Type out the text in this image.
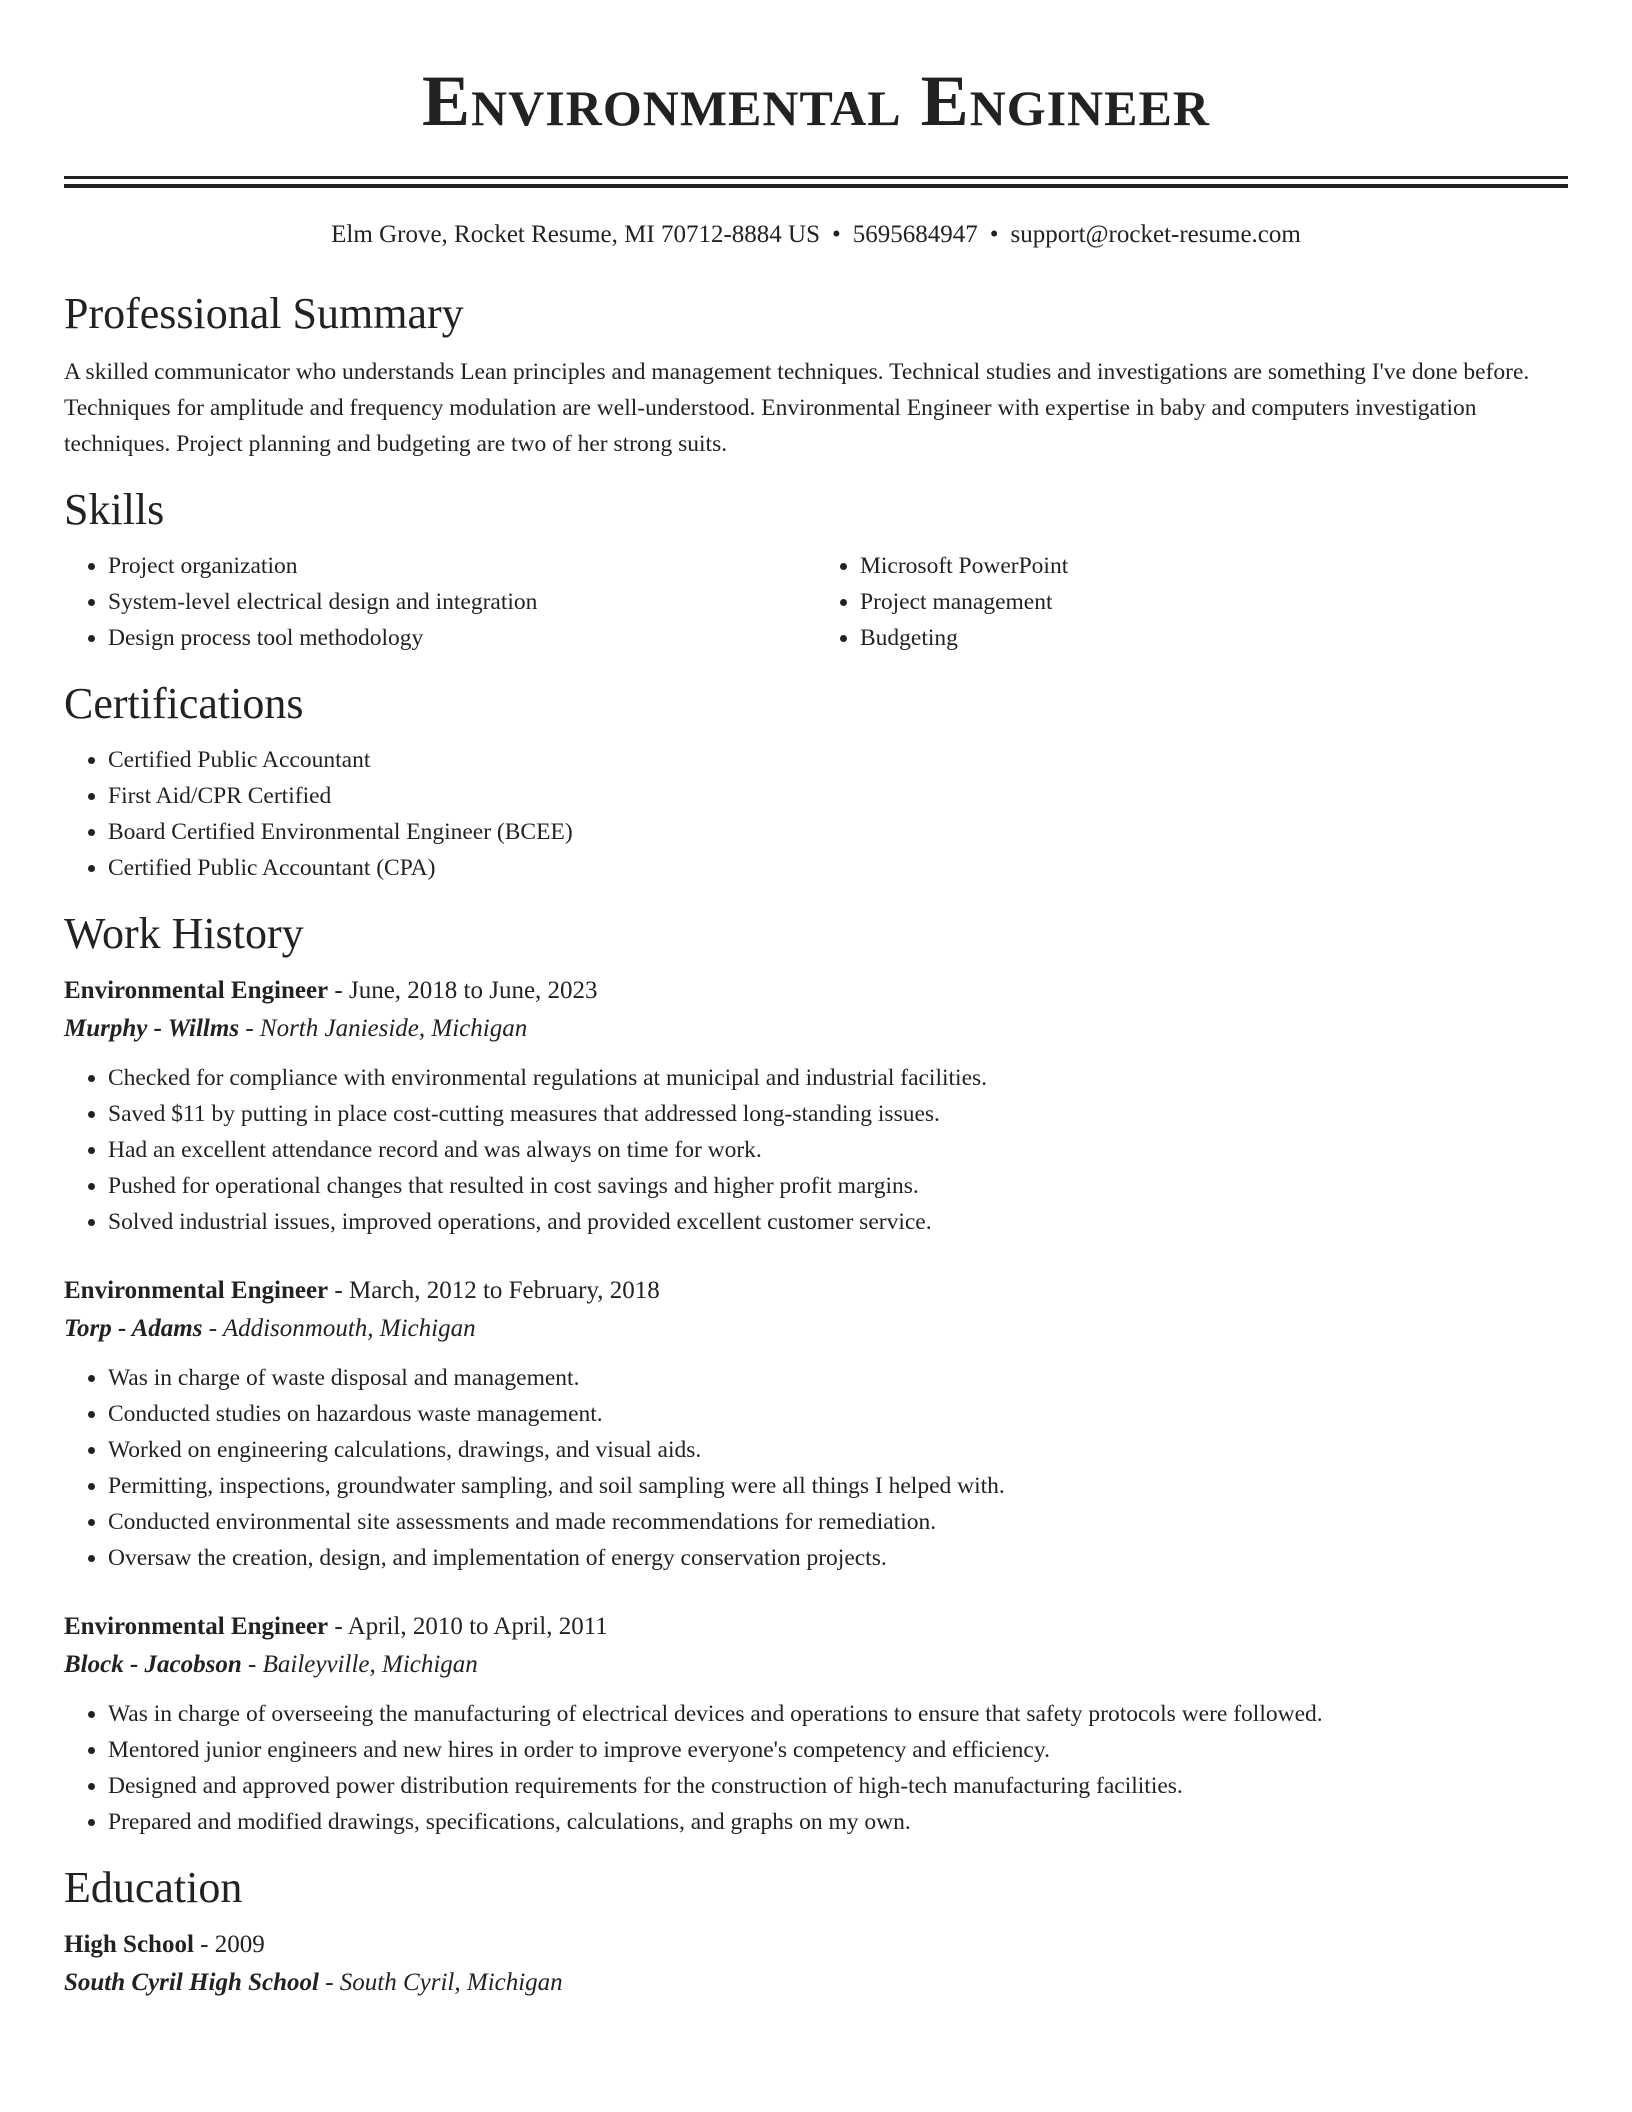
Environmental Engineer
Elm Grove, Rocket Resume, MI 70712-8884 US • 5695684947 • support@rocket-resume.com
Professional Summary

A skilled communicator who understands Lean principles and management techniques. Technical studies and investigations are something I've done before. Techniques for amplitude and frequency modulation are well-understood. Environmental Engineer with expertise in baby and computers investigation techniques. Project planning and budgeting are two of her strong suits.

Skills
• Project organization
• System-level electrical design and integration
• Design process tool methodology
• Microsoft PowerPoint
• Project management
• Budgeting
Certifications
• Certified Public Accountant
• First Aid/CPR Certified
• Board Certified Environmental Engineer (BCEE)
• Certified Public Accountant (CPA)
Work History
Environmental Engineer - June, 2018 to June, 2023
Murphy - Willms - North Janieside, Michigan
• Checked for compliance with environmental regulations at municipal and industrial facilities.
• Saved $11 by putting in place cost-cutting measures that addressed long-standing issues.
• Had an excellent attendance record and was always on time for work.
• Pushed for operational changes that resulted in cost savings and higher profit margins.
• Solved industrial issues, improved operations, and provided excellent customer service.
Environmental Engineer - March, 2012 to February, 2018
Torp - Adams - Addisonmouth, Michigan
• Was in charge of waste disposal and management.
• Conducted studies on hazardous waste management.
• Worked on engineering calculations, drawings, and visual aids.
• Permitting, inspections, groundwater sampling, and soil sampling were all things I helped with.
• Conducted environmental site assessments and made recommendations for remediation.
• Oversaw the creation, design, and implementation of energy conservation projects.
Environmental Engineer - April, 2010 to April, 2011
Block - Jacobson - Baileyville, Michigan
• Was in charge of overseeing the manufacturing of electrical devices and operations to ensure that safety protocols were followed.
• Mentored junior engineers and new hires in order to improve everyone's competency and efficiency.
• Designed and approved power distribution requirements for the construction of high-tech manufacturing facilities.
• Prepared and modified drawings, specifications, calculations, and graphs on my own.
Education
High School - 2009
South Cyril High School - South Cyril, Michigan
